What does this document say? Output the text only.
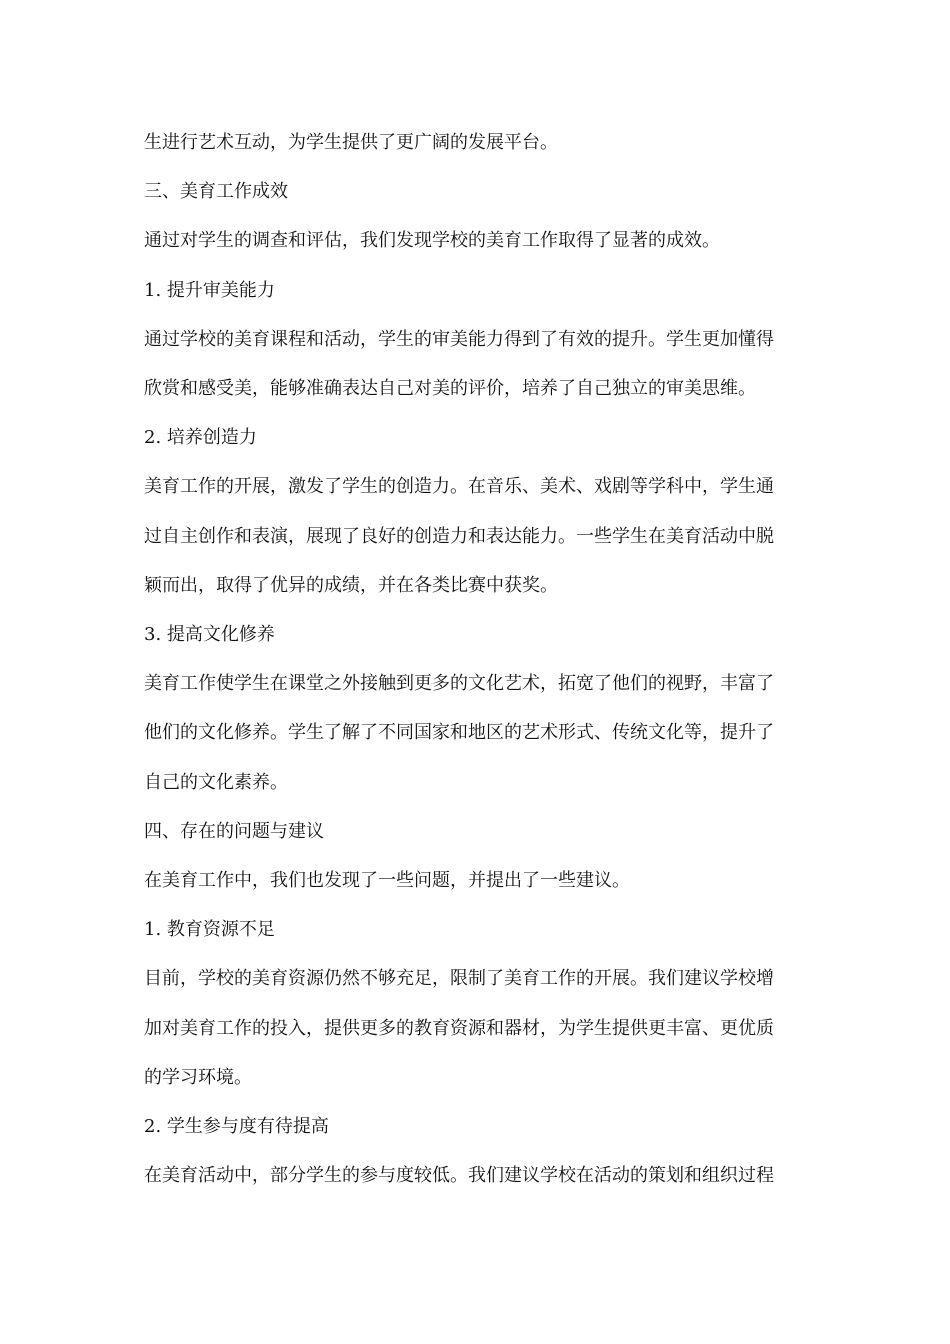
生进行艺术互动，为学生提供了更广阔的发展平台。
三、美育工作成效
通过对学生的调查和评估，我们发现学校的美育工作取得了显著的成效。
1. 提升审美能力
通过学校的美育课程和活动，学生的审美能力得到了有效的提升。学生更加懂得
欣赏和感受美，能够准确表达自己对美的评价，培养了自己独立的审美思维。
2. 培养创造力
美育工作的开展，激发了学生的创造力。在音乐、美术、戏剧等学科中，学生通
过自主创作和表演，展现了良好的创造力和表达能力。一些学生在美育活动中脱
颖而出，取得了优异的成绩，并在各类比赛中获奖。
3. 提高文化修养
美育工作使学生在课堂之外接触到更多的文化艺术，拓宽了他们的视野，丰富了
他们的文化修养。学生了解了不同国家和地区的艺术形式、传统文化等，提升了
自己的文化素养。
四、存在的问题与建议
在美育工作中，我们也发现了一些问题，并提出了一些建议。
1. 教育资源不足
目前，学校的美育资源仍然不够充足，限制了美育工作的开展。我们建议学校增
加对美育工作的投入，提供更多的教育资源和器材，为学生提供更丰富、更优质
的学习环境。
2. 学生参与度有待提高
在美育活动中，部分学生的参与度较低。我们建议学校在活动的策划和组织过程
